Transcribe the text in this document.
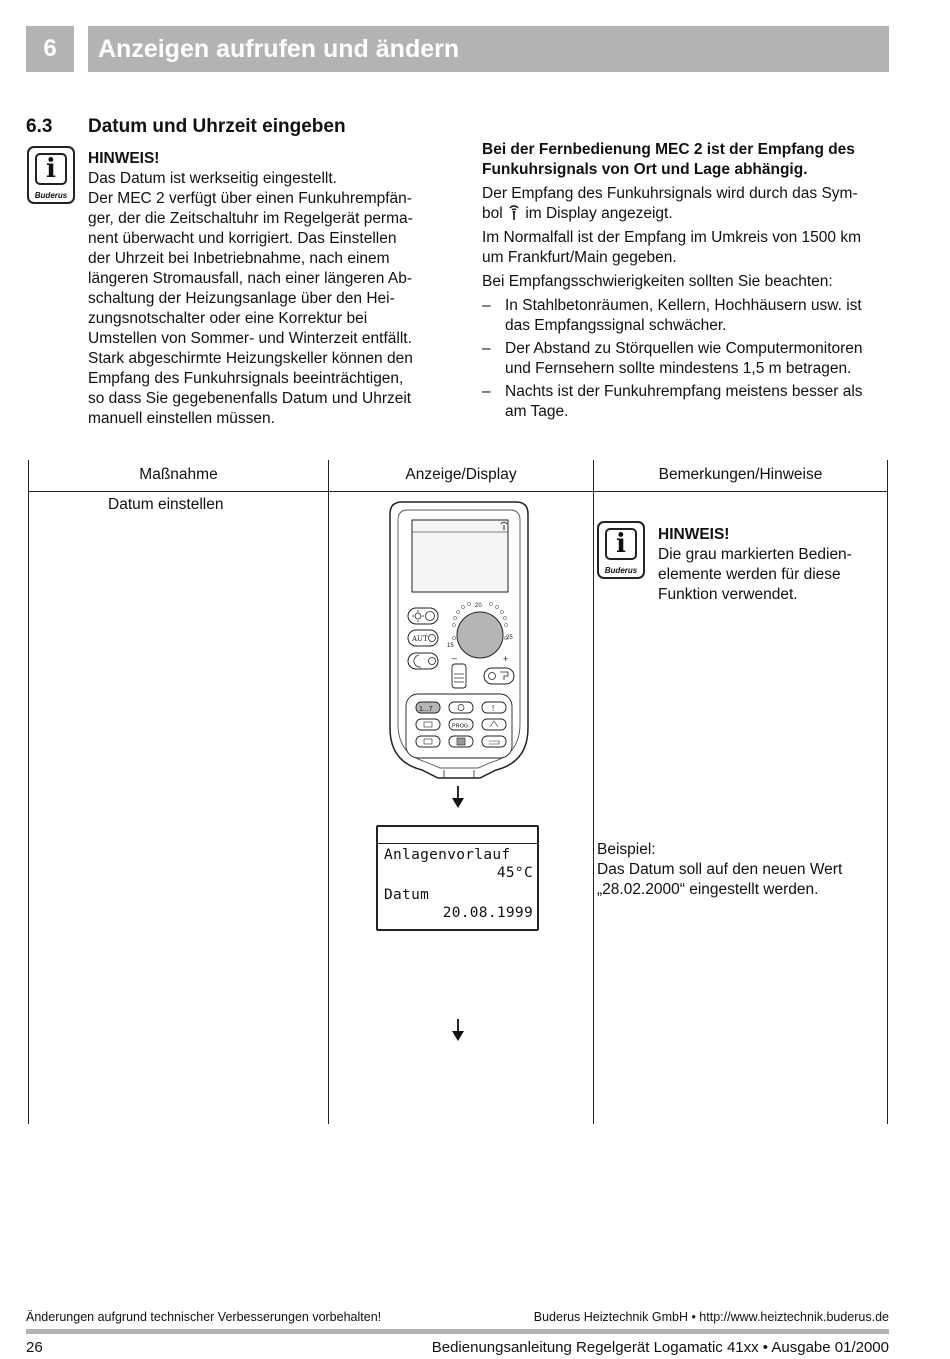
6	Anzeigen aufrufen und ändern
6.3 Datum und Uhrzeit eingeben
i
Buderus

HINWEIS!

Das Datum ist werkseitig eingestellt.

Der MEC 2 verfügt über einen Funkuhrempfän-

ger, der die Zeitschaltuhr im Regelgerät perma-

nent überwacht und korrigiert. Das Einstellen

der Uhrzeit bei Inbetriebnahme, nach einem

längeren Stromausfall, nach einer längeren Ab-

schaltung der Heizungsanlage über den Hei-

zungsnotschalter oder eine Korrektur bei

Umstellen von Sommer- und Winterzeit entfällt.

Stark abgeschirmte Heizungskeller können den

Empfang des Funkuhrsignals beeinträchtigen,

so dass Sie gegebenenfalls Datum und Uhrzeit

manuell einstellen müssen.

Bei der Fernbedienung MEC 2 ist der Empfang des
Funkuhrsignals von Ort und Lage abhängig.

Der Empfang des Funkuhrsignals wird durch das Sym-
bol im Display angezeigt.

Im Normalfall ist der Empfang im Umkreis von 1500 km
um Frankfurt/Main gegeben.

Bei Empfangsschwierigkeiten sollten Sie beachten:

– In Stahlbetonräumen, Kellern, Hochhäusern usw. ist
das Empfangssignal schwächer.
– Der Abstand zu Störquellen wie Computermonitoren
und Fernsehern sollte mindestens 1,5 m betragen.
– Nachts ist der Funkuhrempfang meistens besser als
am Tage.
Maßnahme	Anzeige/Display	Bemerkungen/Hinweise
Datum einstellen
AUT
20
15
25
–	+
1...7	!
PROG.
Anlagenvorlauf
45°C
Datum
20.08.1999
i
Buderus

HINWEIS!

Die grau markierten Bedien-

elemente werden für diese

Funktion verwendet.

Beispiel:

Das Datum soll auf den neuen Wert

„28.02.2000“ eingestellt werden.

Änderungen aufgrund technischer Verbesserungen vorbehalten!	Buderus Heiztechnik GmbH • http://www.heiztechnik.buderus.de
26	Bedienungsanleitung Regelgerät Logamatic 41xx • Ausgabe 01/2000
